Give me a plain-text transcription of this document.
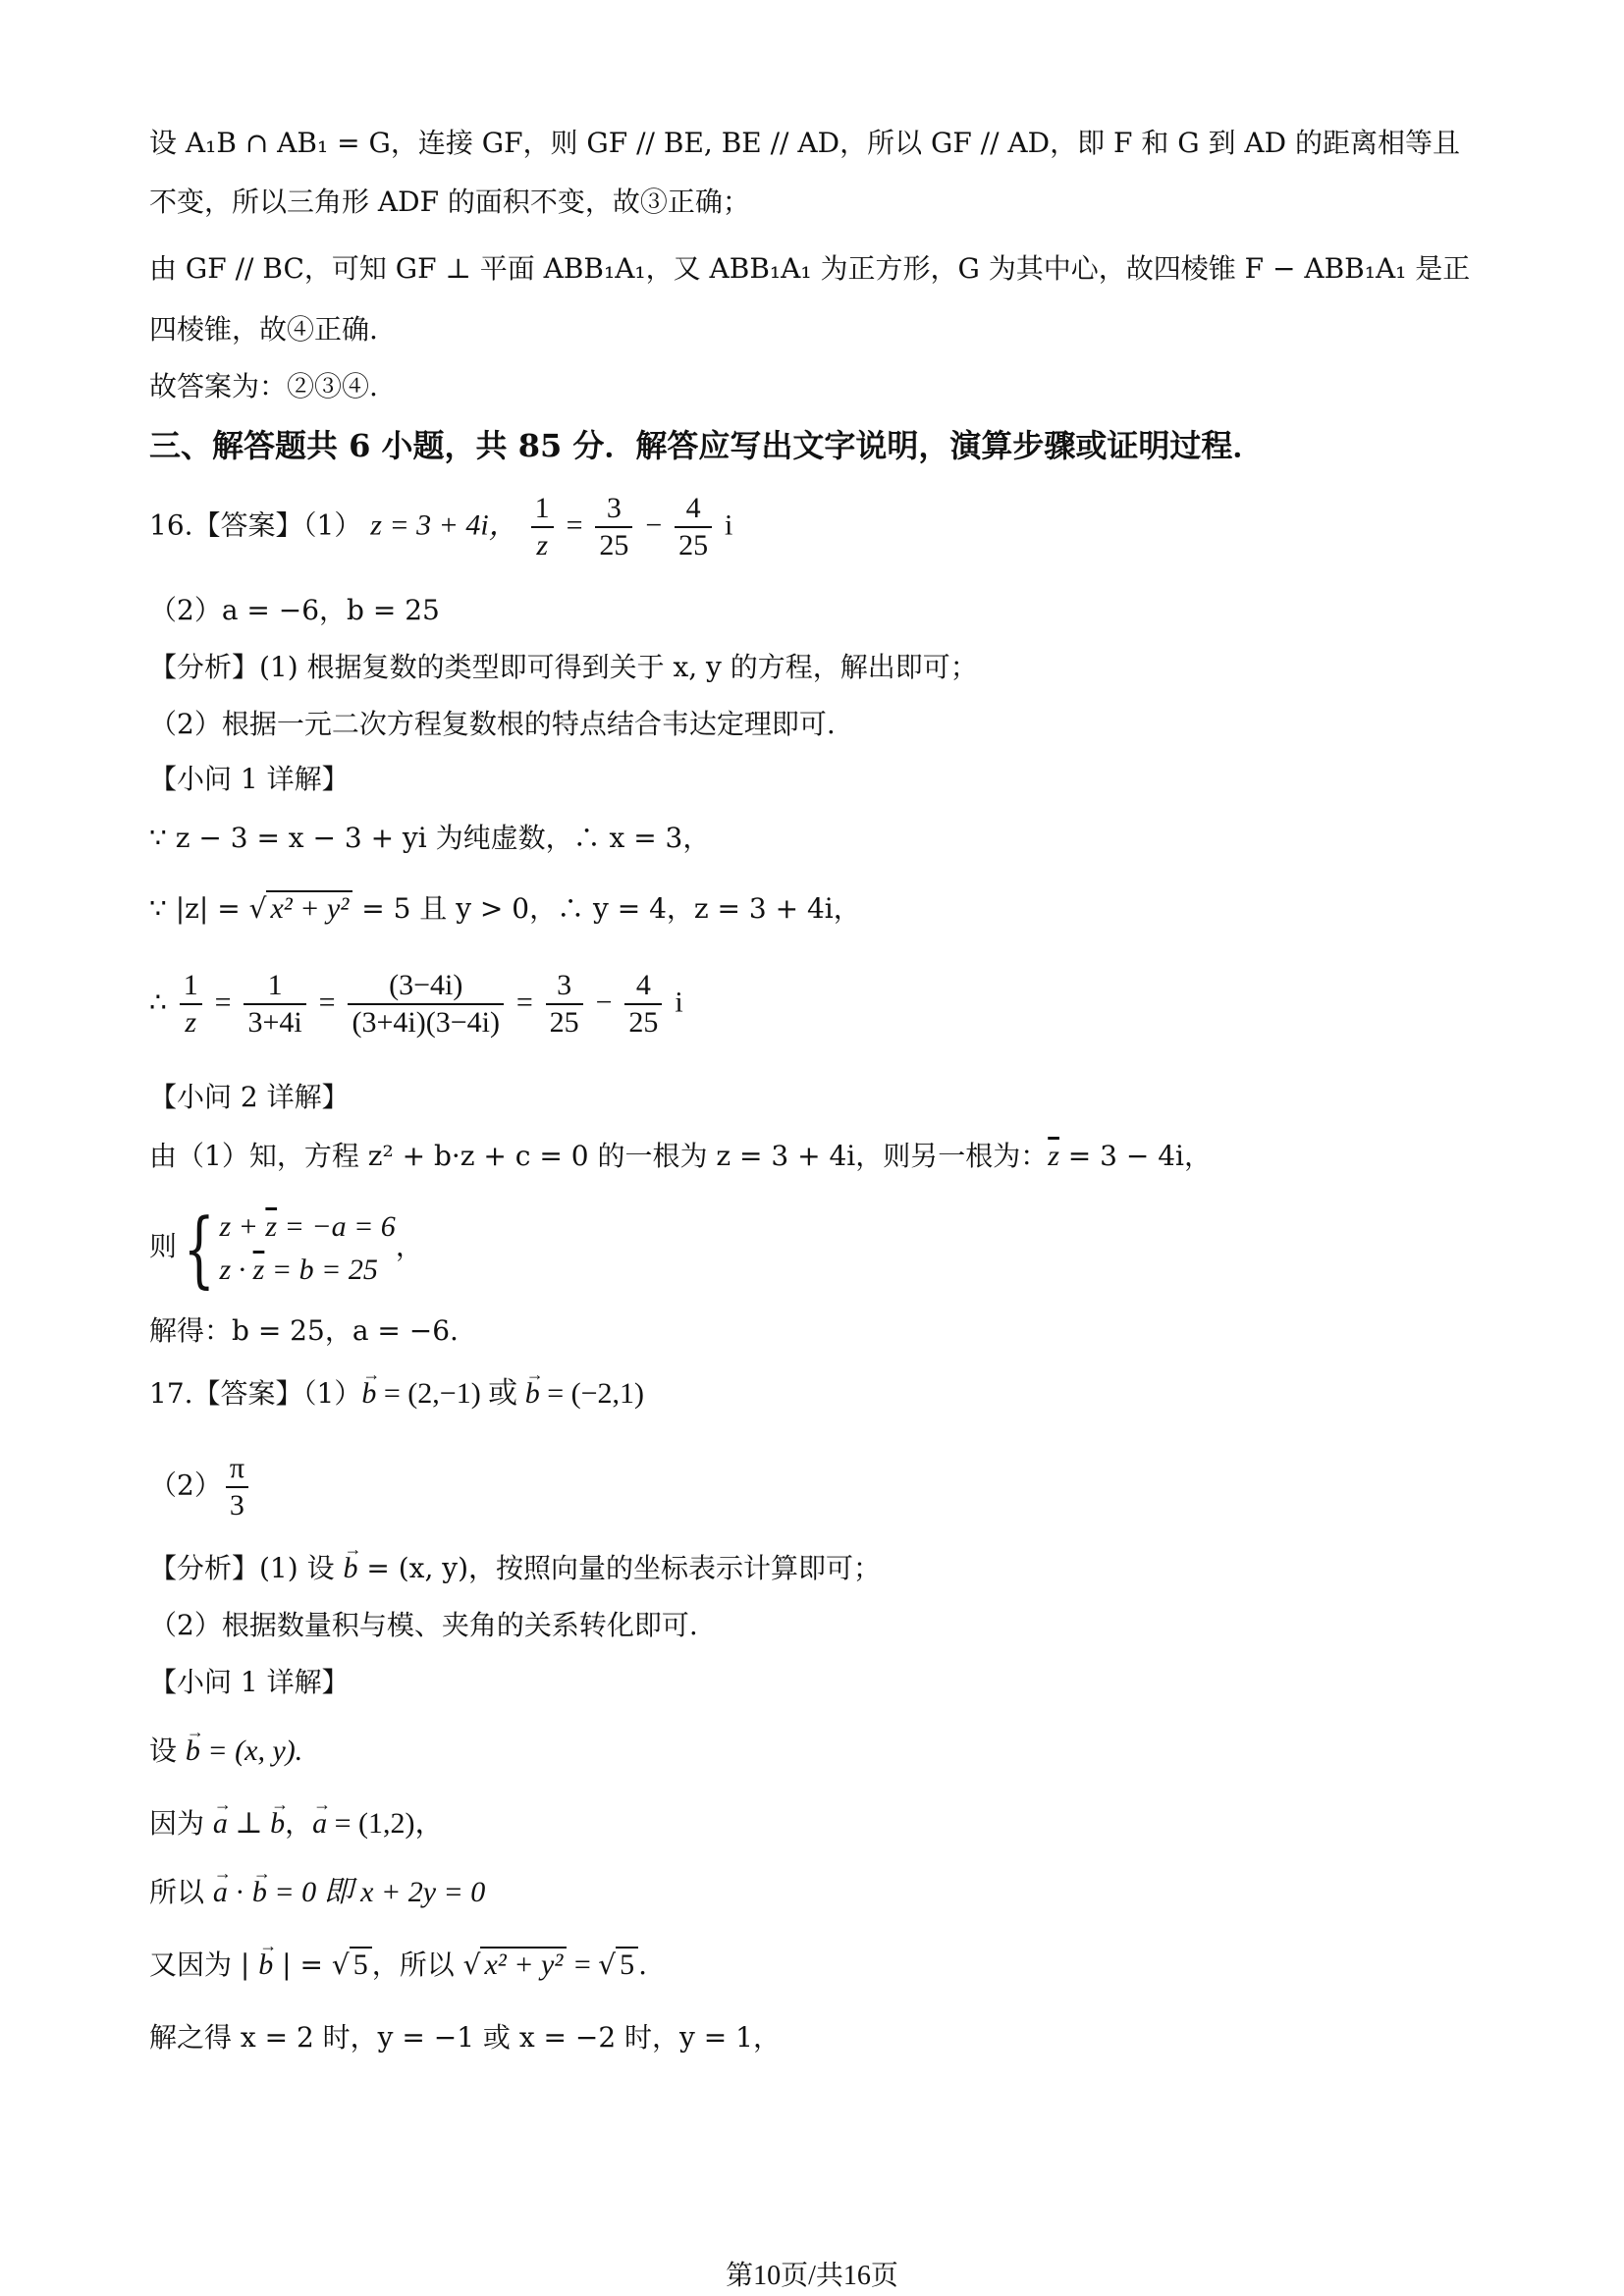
设 A₁B ∩ AB₁ = G，连接 GF，则 GF // BE, BE // AD，所以 GF // AD，即 F 和 G 到 AD 的距离相等且
不变，所以三角形 ADF 的面积不变，故③正确；
由 GF // BC，可知 GF ⊥ 平面 ABB₁A₁，又 ABB₁A₁ 为正方形，G 为其中心，故四棱锥 F − ABB₁A₁ 是正
四棱锥，故④正确.
故答案为：②③④.
三、解答题共 6 小题，共 85 分．解答应写出文字说明，演算步骤或证明过程．
16.【答案】（1） z = 3 + 4i， $\frac{1}{z} = \frac{3}{25} - \frac{4}{25}$ i
（2）a = −6，b = 25
【分析】(1) 根据复数的类型即可得到关于 x, y 的方程，解出即可；
（2）根据一元二次方程复数根的特点结合韦达定理即可.
【小问 1 详解】
∵ z − 3 = x − 3 + yi 为纯虚数，∴ x = 3，
∵ |z| = √ x² + y² = 5 且 y > 0，∴ y = 4，z = 3 + 4i，
∴ $\frac{1}{z} = \frac{1}{3+4i} = \frac{(3-4i)}{(3+4i)(3-4i)} = \frac{3}{25} - \frac{4}{25}$ i
【小问 2 详解】
由（1）知，方程 z² + b·z + c = 0 的一根为 z = 3 + 4i，则另一根为：$\overline{z} = 3 - 4i$，
则{ $z + \overline{z} = -a = 6$
$z \cdot \overline{z} = b = 25$
，
解得：b = 25，a = −6.
17.【答案】（1）→ b = (2,−1) 或 → b = (−2,1)
$(2) \frac{\pi}{3}$
【分析】(1) 设 → b = (x, y)，按照向量的坐标表示计算即可；
（2）根据数量积与模、夹角的关系转化即可.
【小问 1 详解】
设 → b = (x, y).
因为 → a ⊥ → b，→ a = (1,2)，
所以 → a · → b = 0 即 x + 2y = 0
又因为 | → b | = √ 5 ，所以 √ x² + y² = √ 5 .
解之得 x = 2 时，y = −1 或 x = −2 时，y = 1，
第10页/共16页
